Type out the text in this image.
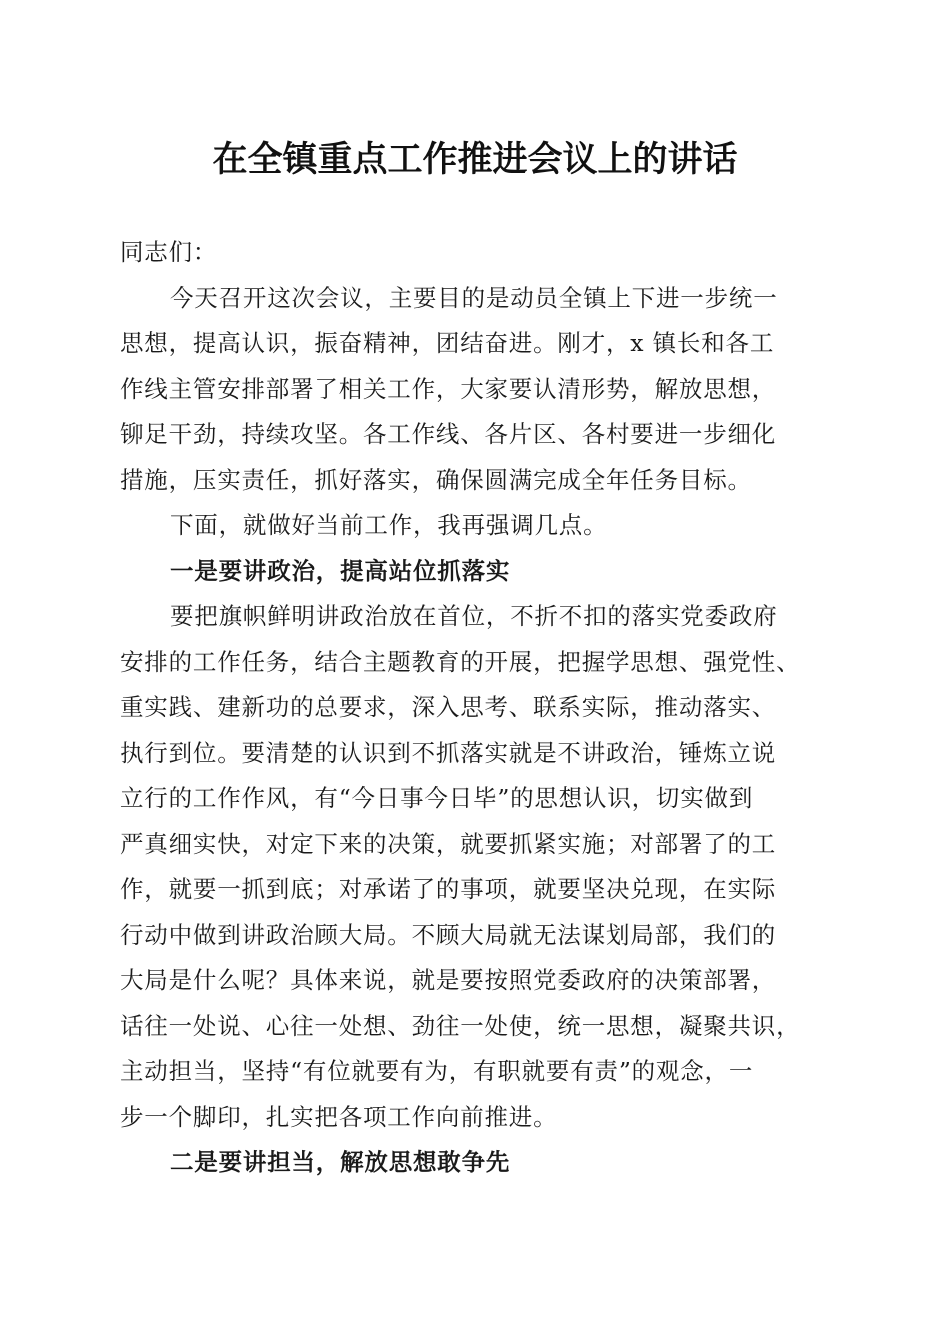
在全镇重点工作推进会议上的讲话
同志们：
今天召开这次会议，主要目的是动员全镇上下进一步统一
思想，提高认识，振奋精神，团结奋进。刚才，x 镇长和各工
作线主管安排部署了相关工作，大家要认清形势，解放思想，
铆足干劲，持续攻坚。各工作线、各片区、各村要进一步细化
措施，压实责任，抓好落实，确保圆满完成全年任务目标。
下面，就做好当前工作，我再强调几点。
一是要讲政治，提高站位抓落实
要把旗帜鲜明讲政治放在首位，不折不扣的落实党委政府
安排的工作任务，结合主题教育的开展，把握学思想、强党性、
重实践、建新功的总要求，深入思考、联系实际，推动落实、
执行到位。要清楚的认识到不抓落实就是不讲政治，锤炼立说
立行的工作作风，有“今日事今日毕”的思想认识，切实做到
严真细实快，对定下来的决策，就要抓紧实施；对部署了的工
作，就要一抓到底；对承诺了的事项，就要坚决兑现，在实际
行动中做到讲政治顾大局。不顾大局就无法谋划局部，我们的
大局是什么呢？具体来说，就是要按照党委政府的决策部署，
话往一处说、心往一处想、劲往一处使，统一思想，凝聚共识，
主动担当，坚持“有位就要有为，有职就要有责”的观念，一
步一个脚印，扎实把各项工作向前推进。
二是要讲担当，解放思想敢争先
